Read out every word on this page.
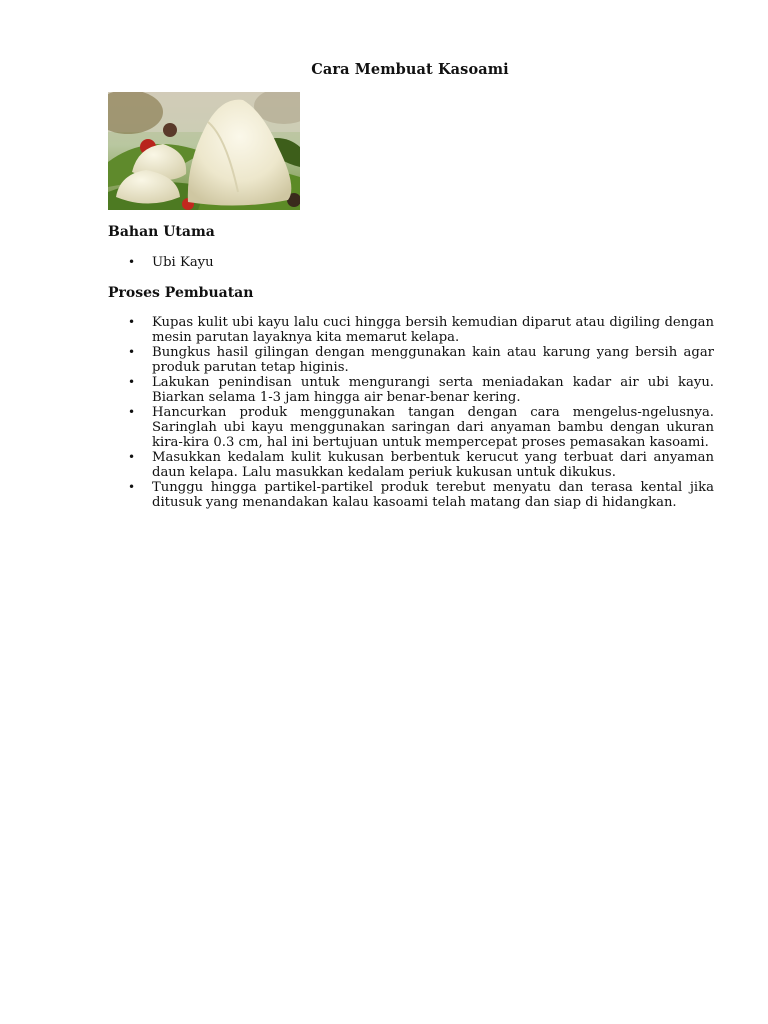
Cara Membuat Kasoami
Bahan Utama
• Ubi Kayu
Proses Pembuatan
• Kupas kulit ubi kayu lalu cuci hingga bersih kemudian diparut atau digiling dengan mesin parutan layaknya kita memarut kelapa.
• Bungkus hasil gilingan dengan menggunakan kain atau karung yang bersih agar produk parutan tetap higinis.
• Lakukan penindisan untuk mengurangi serta meniadakan kadar air ubi kayu. Biarkan selama 1-3 jam hingga air benar-benar kering.
• Hancurkan produk menggunakan tangan dengan cara mengelus-ngelusnya. Saringlah ubi kayu menggunakan saringan dari anyaman bambu dengan ukuran kira-kira 0.3 cm, hal ini bertujuan untuk mempercepat proses pemasakan kasoami.
• Masukkan kedalam kulit kukusan berbentuk kerucut yang terbuat dari anyaman daun kelapa. Lalu masukkan kedalam periuk kukusan untuk dikukus.
• Tunggu hingga partikel-partikel produk terebut menyatu dan terasa kental jika ditusuk yang menandakan kalau kasoami telah matang dan siap di hidangkan.
